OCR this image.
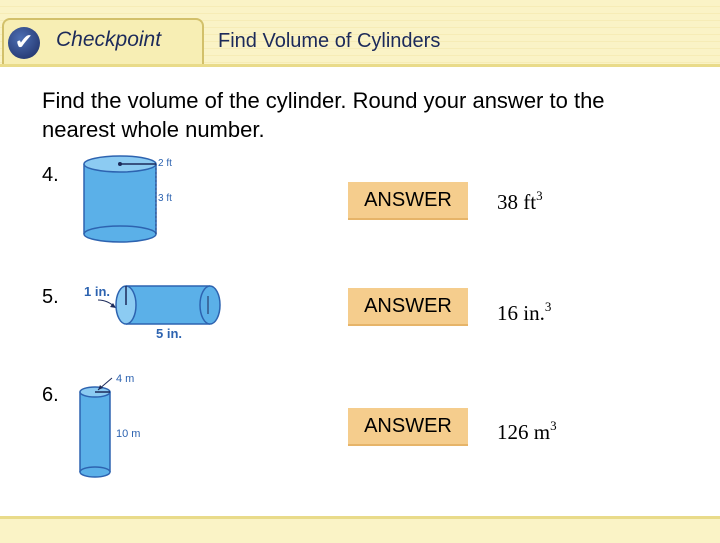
✔	Checkpoint	Find Volume of Cylinders
Find the volume of the cylinder. Round your answer to the nearest whole number.
4.
2 ft
3 ft	ANSWER	38 $ft^3$
5. 1 in.
5 in.
ANSWER	16 in.$^3$
6.
4 m
10 m	ANSWER	126 $m^3$
